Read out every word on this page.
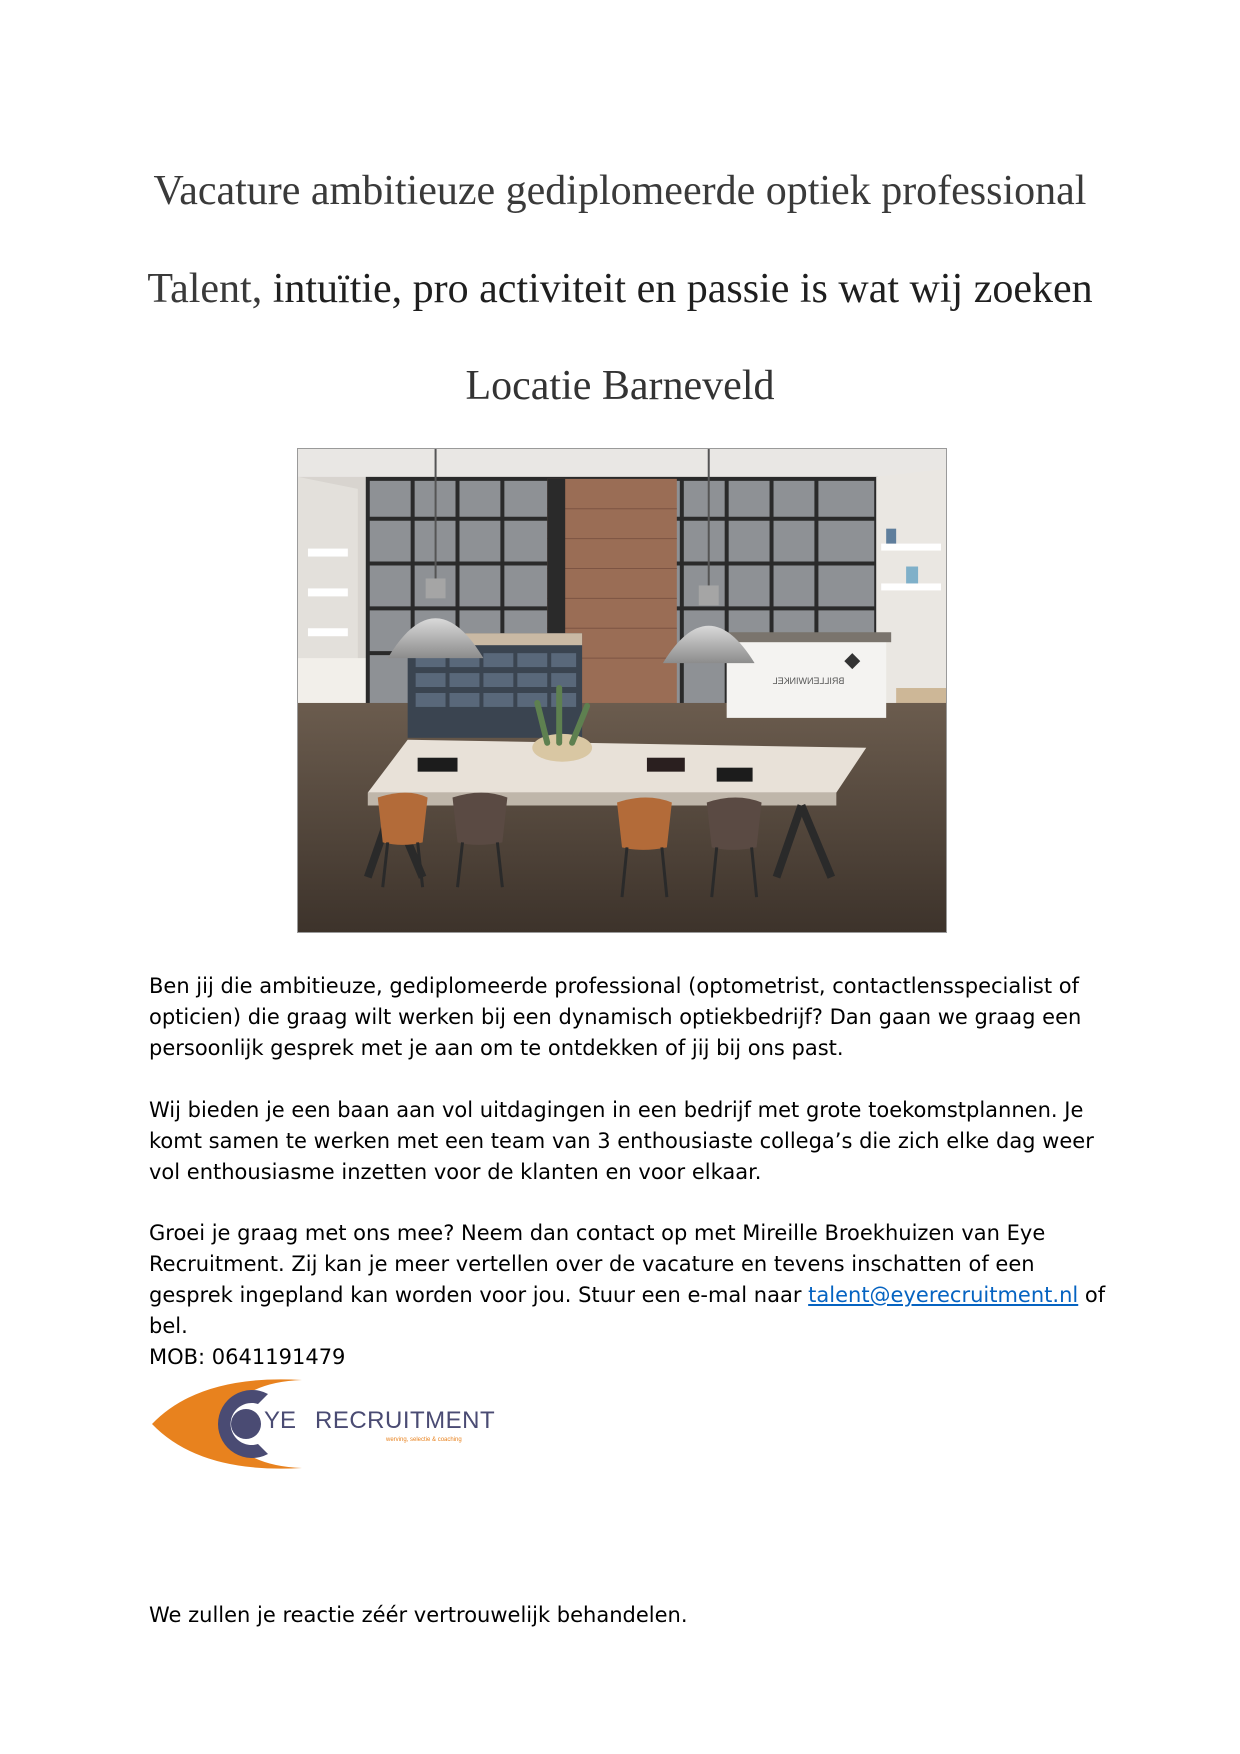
Vacature ambitieuze gediplomeerde optiek professional
Talent, intuïtie, pro activiteit en passie is wat wij zoeken
Locatie Barneveld
BRILLENWINKEL

Ben jij die ambitieuze, gediplomeerde professional (optometrist, contactlensspecialist of opticien) die graag wilt werken bij een dynamisch optiekbedrijf? Dan gaan we graag een persoonlijk gesprek met je aan om te ontdekken of jij bij ons past.

Wij bieden je een baan aan vol uitdagingen in een bedrijf met grote toekomstplannen. Je komt samen te werken met een team van 3 enthousiaste collega’s die zich elke dag weer vol enthousiasme inzetten voor de klanten en voor elkaar.

Groei je graag met ons mee? Neem dan contact op met Mireille Broekhuizen van Eye Recruitment. Zij kan je meer vertellen over de vacature en tevens inschatten of een gesprek ingepland kan worden voor jou. Stuur een e-mal naar talent@eyerecruitment.nl of bel.
MOB: 0641191479

YE RECRUITMENT
werving, selectie & coaching

We zullen je reactie zéér vertrouwelijk behandelen.
